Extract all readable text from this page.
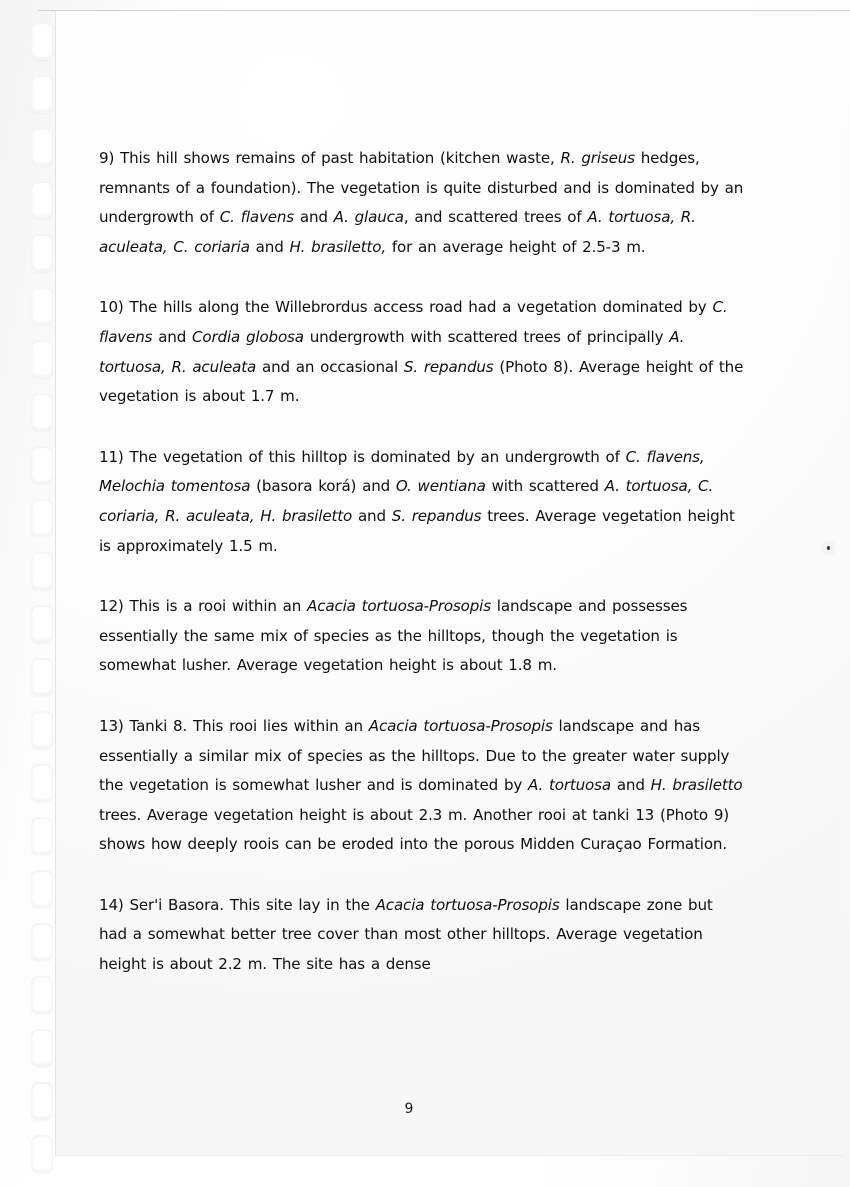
9) This hill shows remains of past habitation (kitchen waste, R. griseus hedges, remnants of a foundation). The vegetation is quite disturbed and is dominated by an undergrowth of C. flavens and A. glauca, and scattered trees of A. tortuosa, R. aculeata, C. coriaria and H. brasiletto, for an average height of 2.5-3 m.

10) The hills along the Willebrordus access road had a vegetation dominated by C. flavens and Cordia globosa undergrowth with scattered trees of principally A. tortuosa, R. aculeata and an occasional S. repandus (Photo 8). Average height of the vegetation is about 1.7 m.

11) The vegetation of this hilltop is dominated by an undergrowth of C. flavens, Melochia tomentosa (basora korá) and O. wentiana with scattered A. tortuosa, C. coriaria, R. aculeata, H. brasiletto and S. repandus trees. Average vegetation height is approximately 1.5 m.

12) This is a rooi within an Acacia tortuosa-Prosopis landscape and possesses essentially the same mix of species as the hilltops, though the vegetation is somewhat lusher. Average vegetation height is about 1.8 m.

13) Tanki 8. This rooi lies within an Acacia tortuosa-Prosopis landscape and has essentially a similar mix of species as the hilltops. Due to the greater water supply the vegetation is somewhat lusher and is dominated by A. tortuosa and H. brasiletto trees. Average vegetation height is about 2.3 m. Another rooi at tanki 13 (Photo 9) shows how deeply roois can be eroded into the porous Midden Curaçao Formation.

14) Ser'i Basora. This site lay in the Acacia tortuosa-Prosopis landscape zone but had a somewhat better tree cover than most other hilltops. Average vegetation height is about 2.2 m. The site has a dense

9
